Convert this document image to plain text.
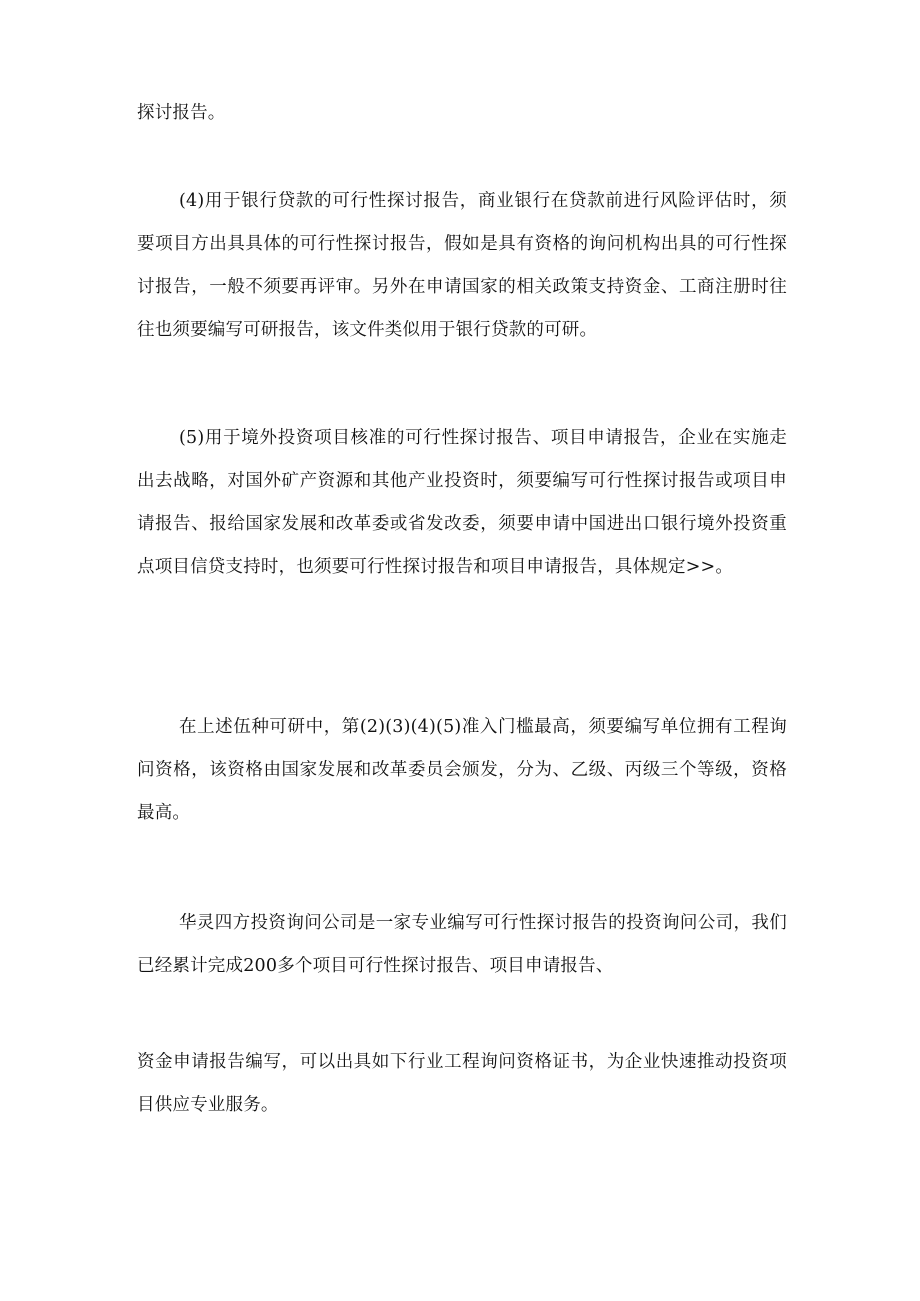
探讨报告。

(4)用于银行贷款的可行性探讨报告，商业银行在贷款前进行风险评估时，须要项目方出具具体的可行性探讨报告，假如是具有资格的询问机构出具的可行性探讨报告，一般不须要再评审。另外在申请国家的相关政策支持资金、工商注册时往往也须要编写可研报告，该文件类似用于银行贷款的可研。

(5)用于境外投资项目核准的可行性探讨报告、项目申请报告，企业在实施走出去战略，对国外矿产资源和其他产业投资时，须要编写可行性探讨报告或项目申请报告、报给国家发展和改革委或省发改委，须要申请中国进出口银行境外投资重点项目信贷支持时，也须要可行性探讨报告和项目申请报告，具体规定>>。

在上述伍种可研中，第(2)(3)(4)(5)准入门槛最高，须要编写单位拥有工程询问资格，该资格由国家发展和改革委员会颁发，分为、乙级、丙级三个等级，资格最高。

华灵四方投资询问公司是一家专业编写可行性探讨报告的投资询问公司，我们已经累计完成200多个项目可行性探讨报告、项目申请报告、

资金申请报告编写，可以出具如下行业工程询问资格证书，为企业快速推动投资项目供应专业服务。
